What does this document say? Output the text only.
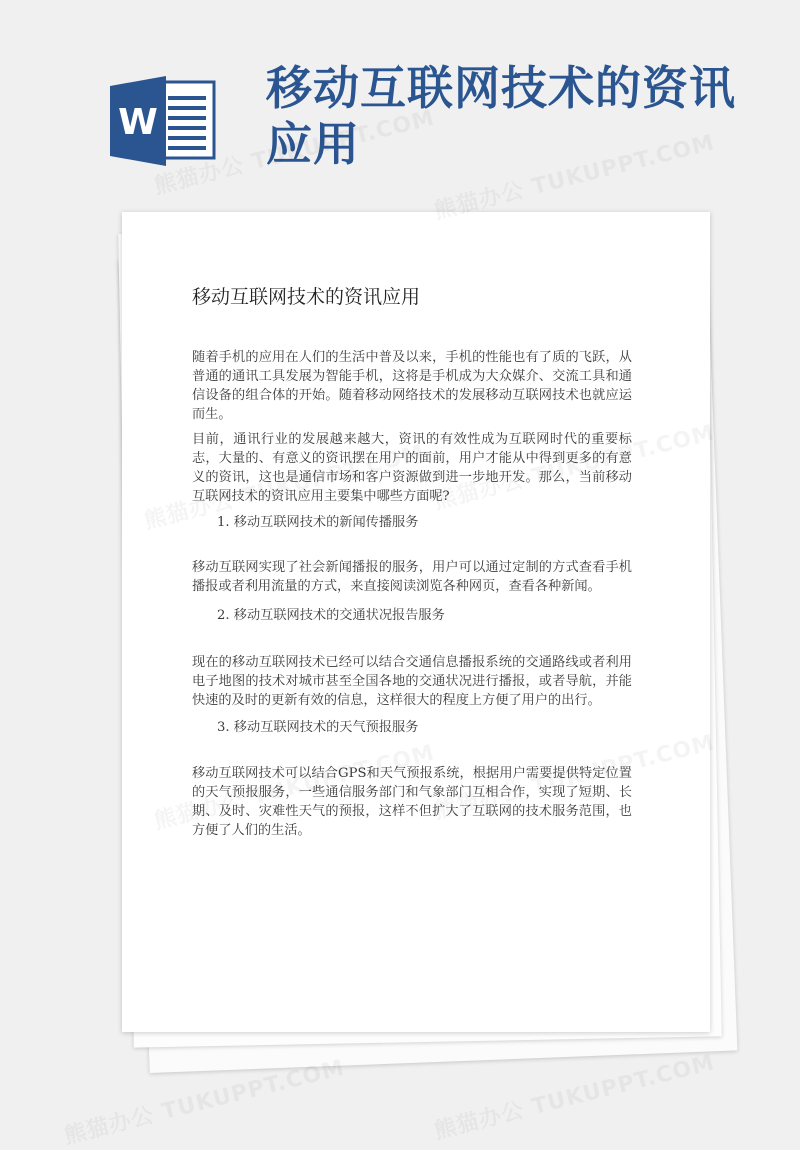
W
移动互联网技术的资讯应用
移动互联网技术的资讯应用

随着手机的应用在人们的生活中普及以来，手机的性能也有了质的飞跃，从普通的通讯工具发展为智能手机，这将是手机成为大众媒介、交流工具和通信设备的组合体的开始。随着移动网络技术的发展移动互联网技术也就应运而生。

目前，通讯行业的发展越来越大，资讯的有效性成为互联网时代的重要标志，大量的、有意义的资讯摆在用户的面前，用户才能从中得到更多的有意义的资讯，这也是通信市场和客户资源做到进一步地开发。那么，当前移动互联网技术的资讯应用主要集中哪些方面呢?

1. 移动互联网技术的新闻传播服务

移动互联网实现了社会新闻播报的服务，用户可以通过定制的方式查看手机播报或者利用流量的方式，来直接阅读浏览各种网页，查看各种新闻。

2. 移动互联网技术的交通状况报告服务

现在的移动互联网技术已经可以结合交通信息播报系统的交通路线或者利用电子地图的技术对城市甚至全国各地的交通状况进行播报，或者导航，并能快速的及时的更新有效的信息，这样很大的程度上方便了用户的出行。

3. 移动互联网技术的天气预报服务

移动互联网技术可以结合GPS和天气预报系统，根据用户需要提供特定位置的天气预报服务，一些通信服务部门和气象部门互相合作，实现了短期、长期、及时、灾难性天气的预报，这样不但扩大了互联网的技术服务范围，也方便了人们的生活。
